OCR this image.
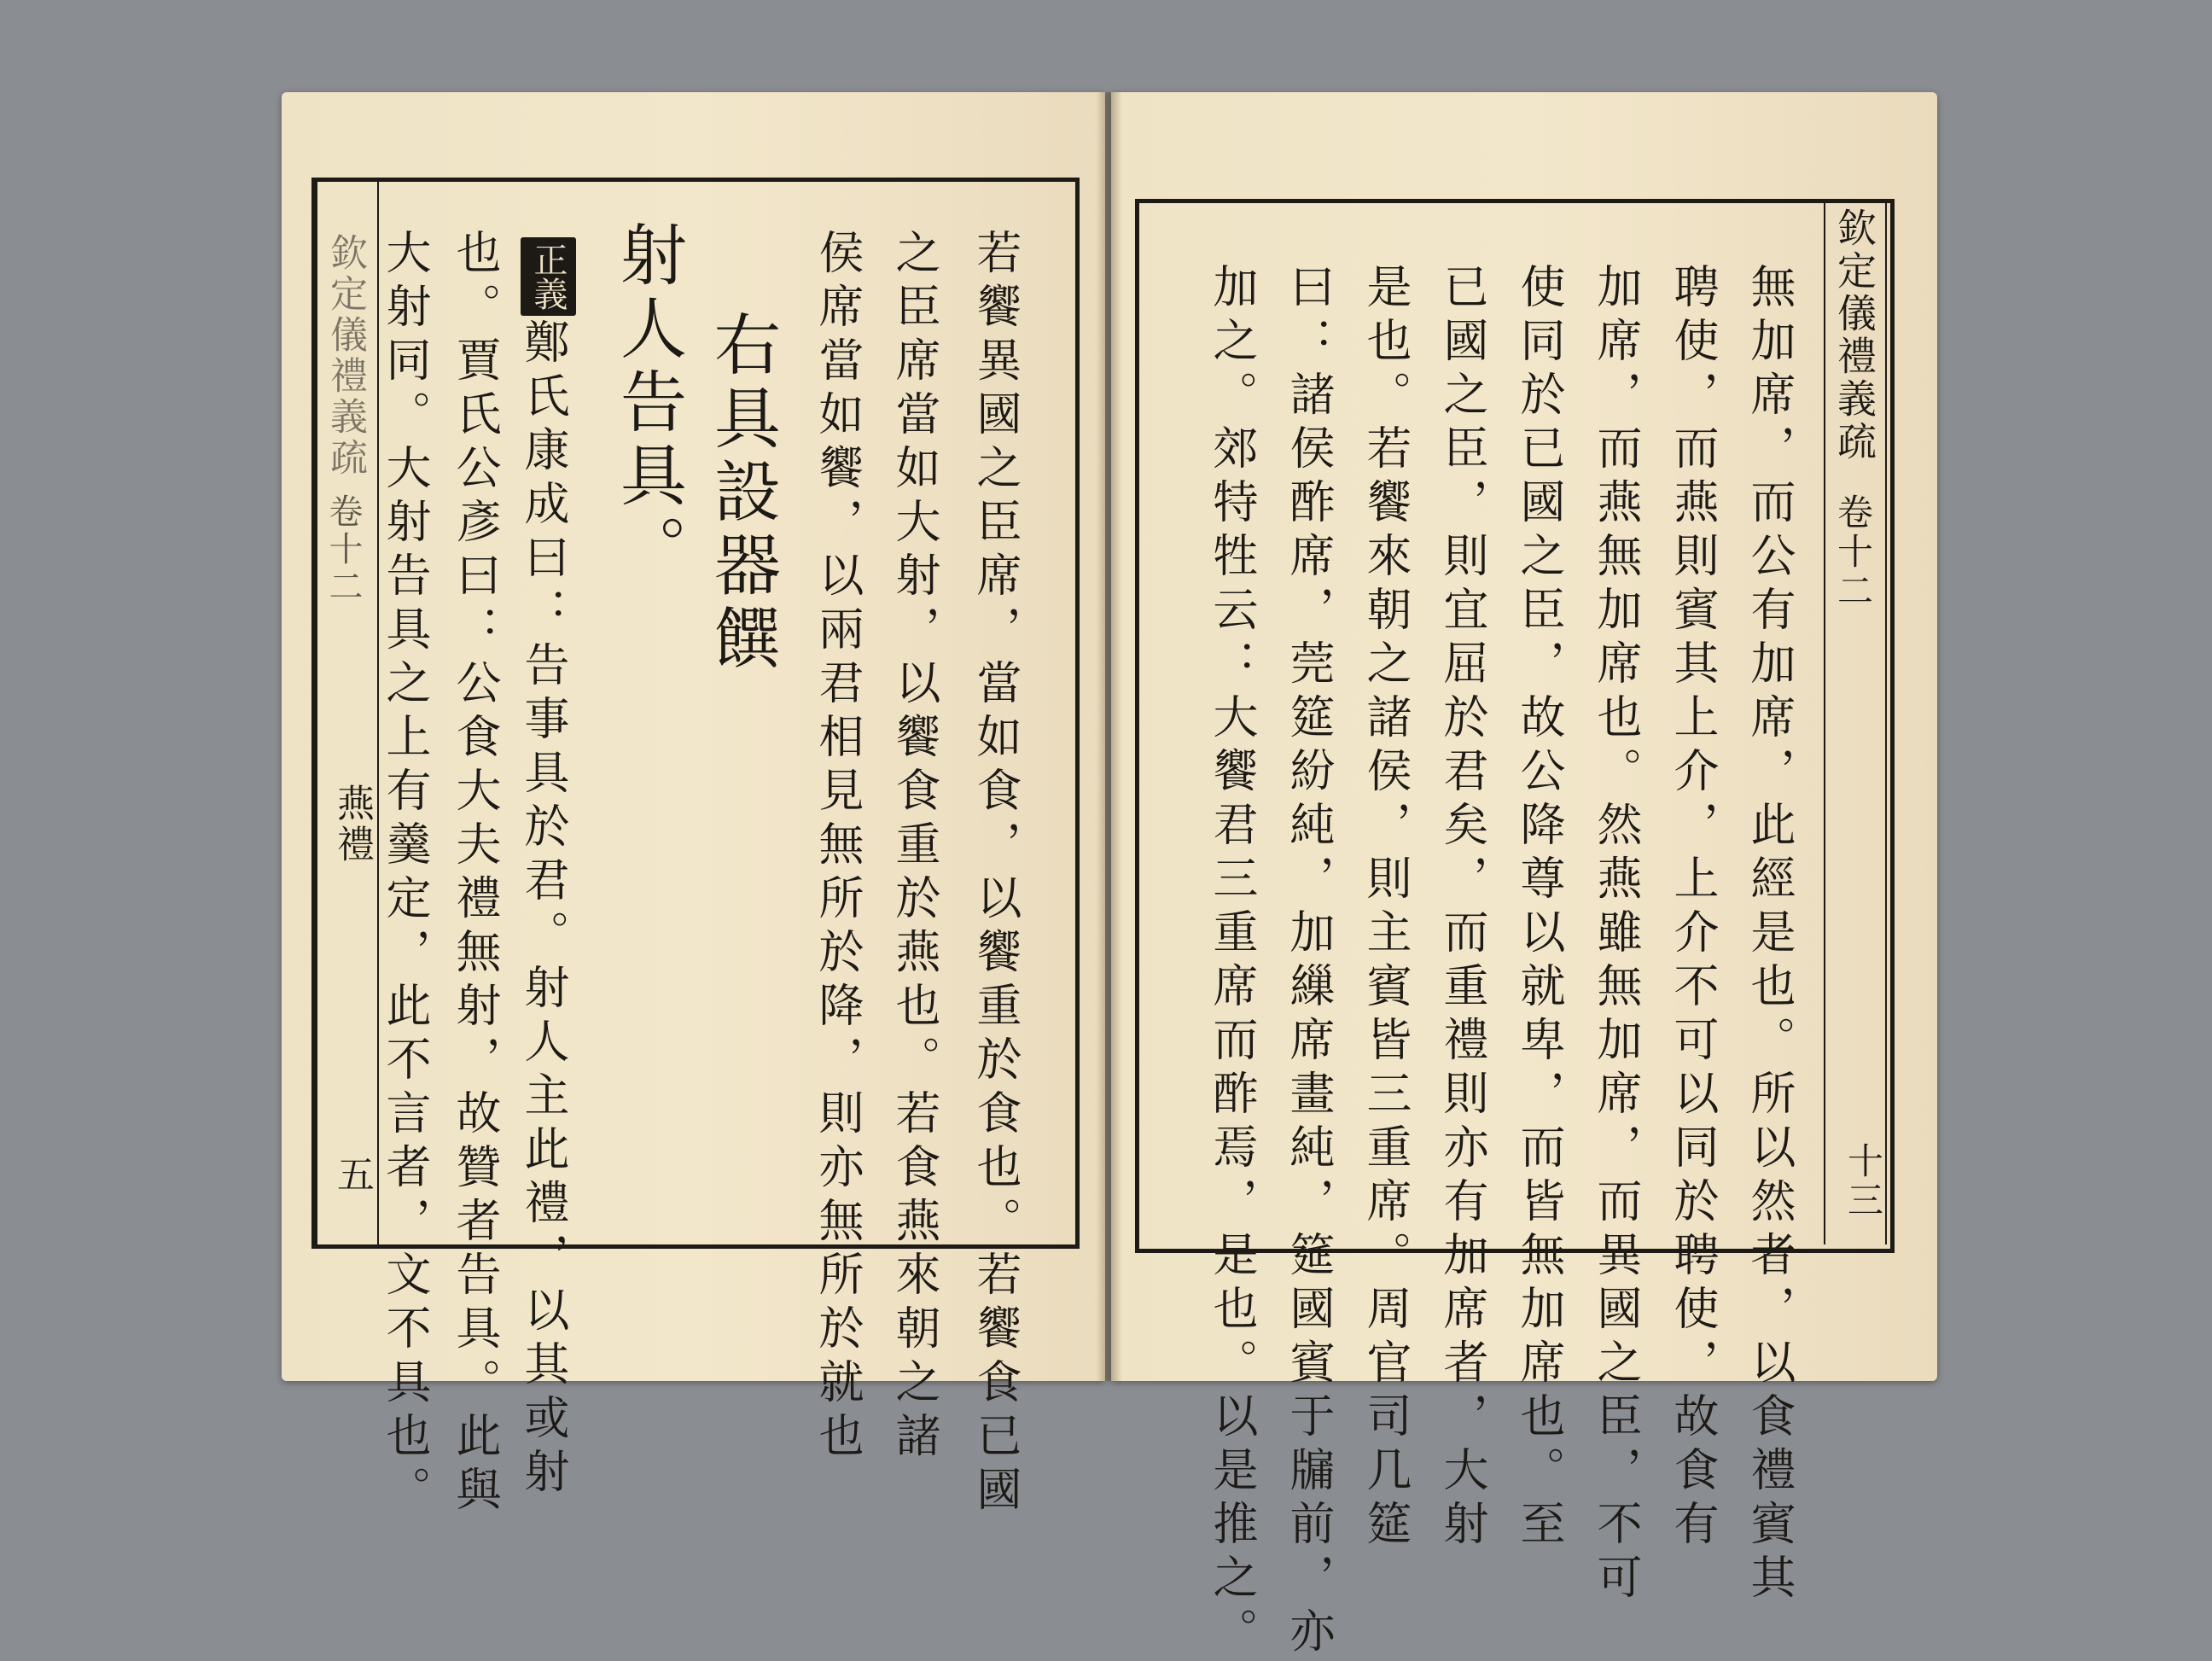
欽定儀禮義疏
卷十二
燕禮
五	若饗異國之臣席，當如食，以饗重於食也。若饗食已國
之臣席當如大射，以饗食重於燕也。若食燕來朝之諸
侯席當如饗，以兩君相見無所於降，則亦無所於就也
右具設器饌
射人告具。
正義
鄭氏康成曰：告事具於君。射人主此禮，以其或射
也。賈氏公彥曰：公食大夫禮無射，故贊者告具。此與
大射同。大射告具之上有羹定，此不言者，文不具也。	欽定儀禮義疏
卷十二
十三
無加席，而公有加席，此經是也。所以然者，以食禮賓其
聘使，而燕則賓其上介，上介不可以同於聘使，故食有
加席，而燕無加席也。然燕雖無加席，而異國之臣，不可
使同於已國之臣，故公降尊以就卑，而皆無加席也。至
已國之臣，則宜屈於君矣，而重禮則亦有加席者，大射
是也。若饗來朝之諸侯，則主賓皆三重席。周官司几筵
曰：諸侯酢席，莞筵紛純，加繅席畫純，筵國賓于牖前，亦
加之。郊特牲云：大饗君三重席而酢焉，是也。以是推之。
